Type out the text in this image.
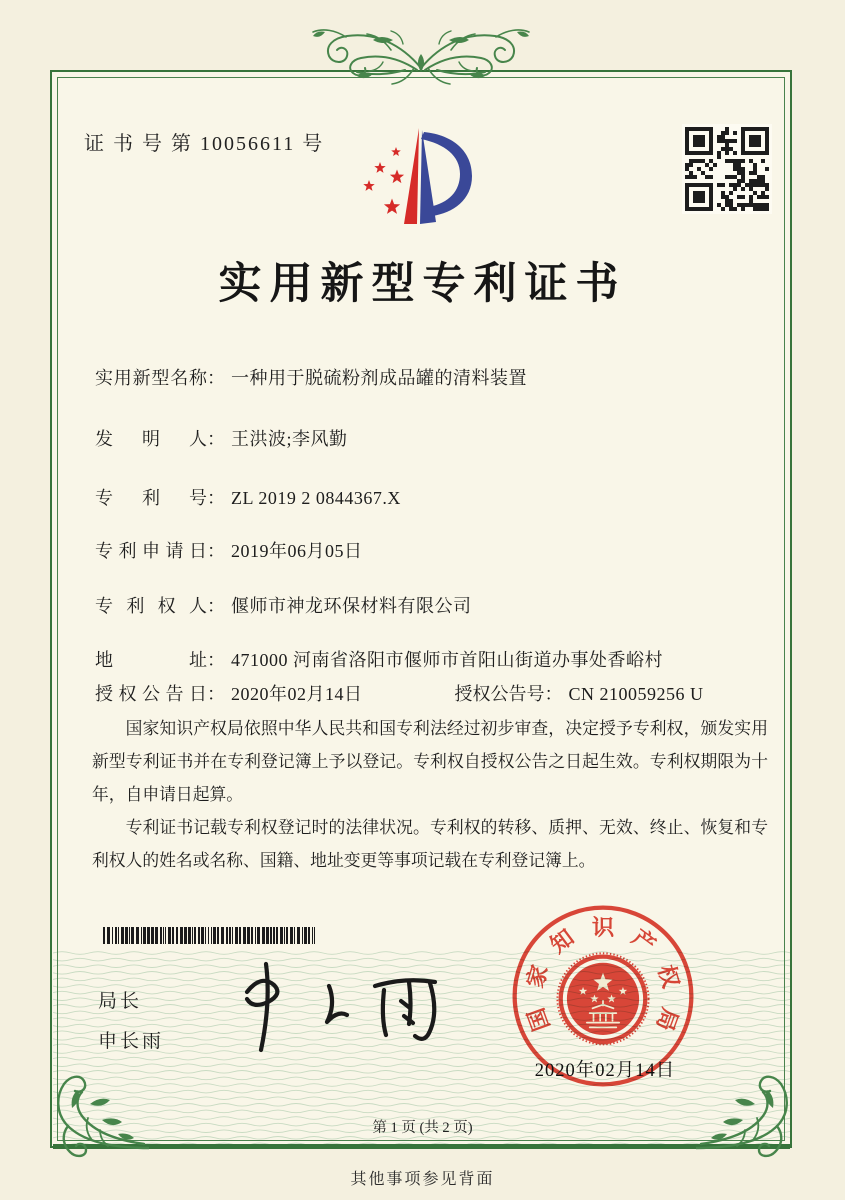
证 书 号 第 10056611 号
实用新型专利证书
实用新型名称： 一种用于脱硫粉剂成品罐的清料装置
发明人： 王洪波;李风勤
专利号： ZL 2019 2 0844367.X
专利申请日： 2019年06月05日
专利权人： 偃师市神龙环保材料有限公司
地址： 471000 河南省洛阳市偃师市首阳山街道办事处香峪村
授权公告日： 2020年02月14日	授权公告号： CN 210059256 U

国家知识产权局依照中华人民共和国专利法经过初步审查，决定授予专利权，颁发实用新型专利证书并在专利登记簿上予以登记。专利权自授权公告之日起生效。专利权期限为十年，自申请日起算。

专利证书记载专利权登记时的法律状况。专利权的转移、质押、无效、终止、恢复和专利权人的姓名或名称、国籍、地址变更等事项记载在专利登记簿上。

局长
申长雨
国
家
知 识 产
权
局
2020年02月14日
第 1 页 (共 2 页)
其他事项参见背面
